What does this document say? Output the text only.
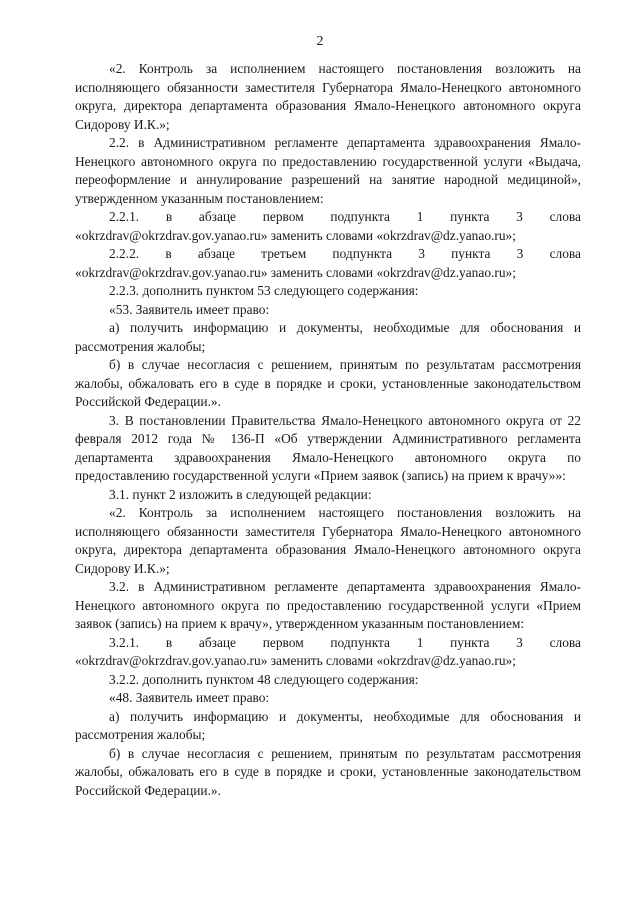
2

«2. Контроль за исполнением настоящего постановления возложить на исполняющего обязанности заместителя Губернатора Ямало-Ненецкого автономного округа, директора департамента образования Ямало-Ненецкого автономного округа Сидорову И.К.»;

2.2. в Административном регламенте департамента здравоохранения Ямало-Ненецкого автономного округа по предоставлению государственной услуги «Выдача, переоформление и аннулирование разрешений на занятие народной медициной», утвержденном указанным постановлением:

2.2.1. в абзаце первом подпункта 1 пункта 3 слова «okrzdrav@okrzdrav.gov.yanao.ru» заменить словами «okrzdrav@dz.yanao.ru»;

2.2.2. в абзаце третьем подпункта 3 пункта 3 слова «okrzdrav@okrzdrav.gov.yanao.ru» заменить словами «okrzdrav@dz.yanao.ru»;

2.2.3. дополнить пунктом 53 следующего содержания:

«53. Заявитель имеет право:

а) получить информацию и документы, необходимые для обоснования и рассмотрения жалобы;

б) в случае несогласия с решением, принятым по результатам рассмотрения жалобы, обжаловать его в суде в порядке и сроки, установленные законодательством Российской Федерации.».

3. В постановлении Правительства Ямало-Ненецкого автономного округа от 22 февраля 2012 года № 136-П «Об утверждении Административного регламента департамента здравоохранения Ямало-Ненецкого автономного округа по предоставлению государственной услуги «Прием заявок (запись) на прием к врачу»»:

3.1. пункт 2 изложить в следующей редакции:

«2. Контроль за исполнением настоящего постановления возложить на исполняющего обязанности заместителя Губернатора Ямало-Ненецкого автономного округа, директора департамента образования Ямало-Ненецкого автономного округа Сидорову И.К.»;

3.2. в Административном регламенте департамента здравоохранения Ямало-Ненецкого автономного округа по предоставлению государственной услуги «Прием заявок (запись) на прием к врачу», утвержденном указанным постановлением:

3.2.1. в абзаце первом подпункта 1 пункта 3 слова «okrzdrav@okrzdrav.gov.yanao.ru» заменить словами «okrzdrav@dz.yanao.ru»;

3.2.2. дополнить пунктом 48 следующего содержания:

«48. Заявитель имеет право:

а) получить информацию и документы, необходимые для обоснования и рассмотрения жалобы;

б) в случае несогласия с решением, принятым по результатам рассмотрения жалобы, обжаловать его в суде в порядке и сроки, установленные законодательством Российской Федерации.».
